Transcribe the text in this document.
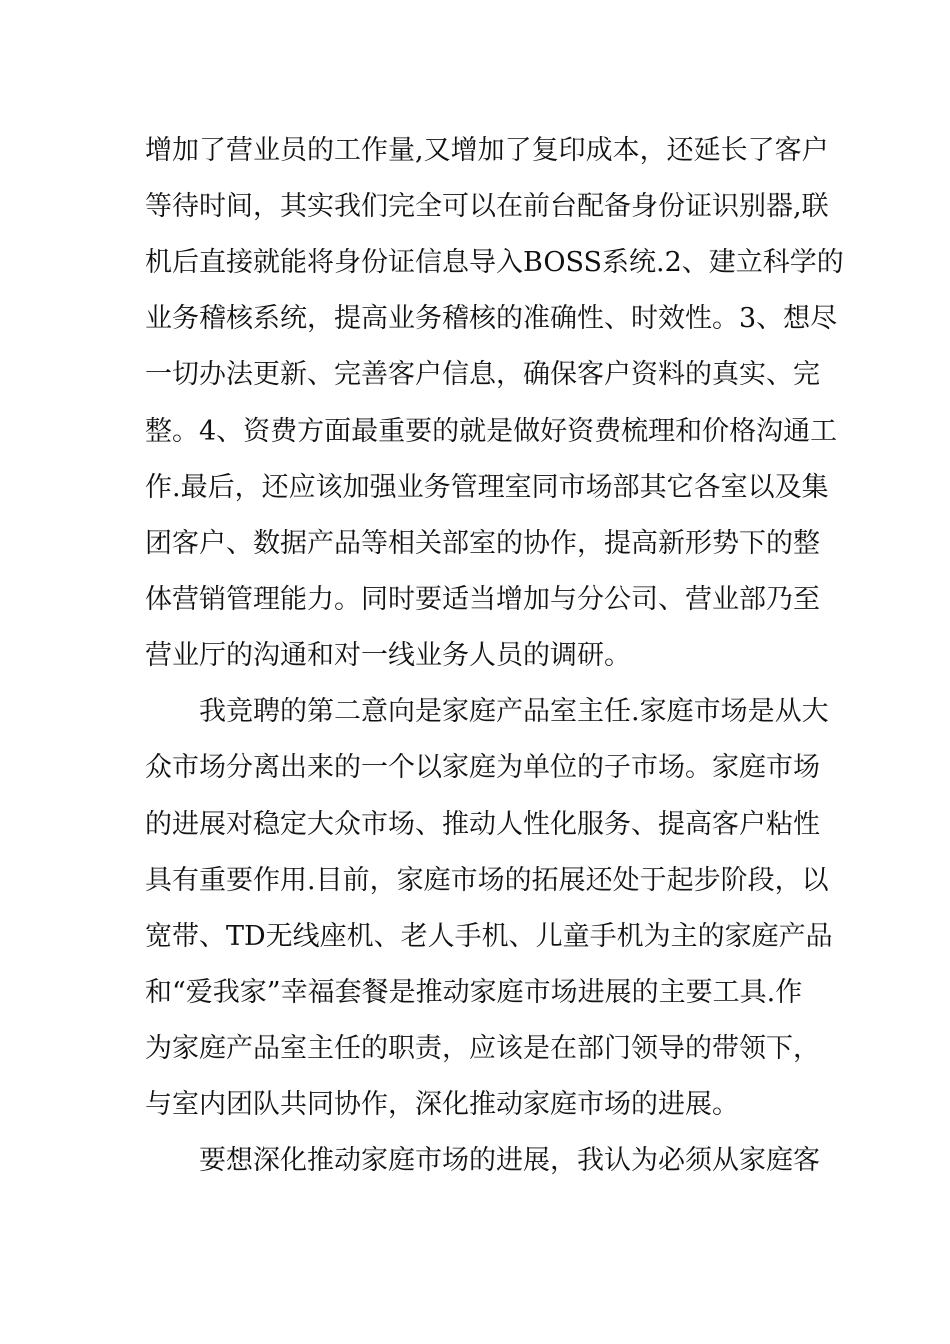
增加了营业员的工作量,又增加了复印成本，还延长了客户
等待时间，其实我们完全可以在前台配备身份证识别器,联
机后直接就能将身份证信息导入BOSS系统.2、建立科学的
业务稽核系统，提高业务稽核的准确性、时效性。3、想尽
一切办法更新、完善客户信息，确保客户资料的真实、完
整。4、资费方面最重要的就是做好资费梳理和价格沟通工
作.最后，还应该加强业务管理室同市场部其它各室以及集
团客户、数据产品等相关部室的协作，提高新形势下的整
体营销管理能力。同时要适当增加与分公司、营业部乃至
营业厅的沟通和对一线业务人员的调研。
我竞聘的第二意向是家庭产品室主任.家庭市场是从大
众市场分离出来的一个以家庭为单位的子市场。家庭市场
的进展对稳定大众市场、推动人性化服务、提高客户粘性
具有重要作用.目前，家庭市场的拓展还处于起步阶段，以
宽带、TD无线座机、老人手机、儿童手机为主的家庭产品
和“爱我家”幸福套餐是推动家庭市场进展的主要工具.作
为家庭产品室主任的职责，应该是在部门领导的带领下，
与室内团队共同协作，深化推动家庭市场的进展。
要想深化推动家庭市场的进展，我认为必须从家庭客
